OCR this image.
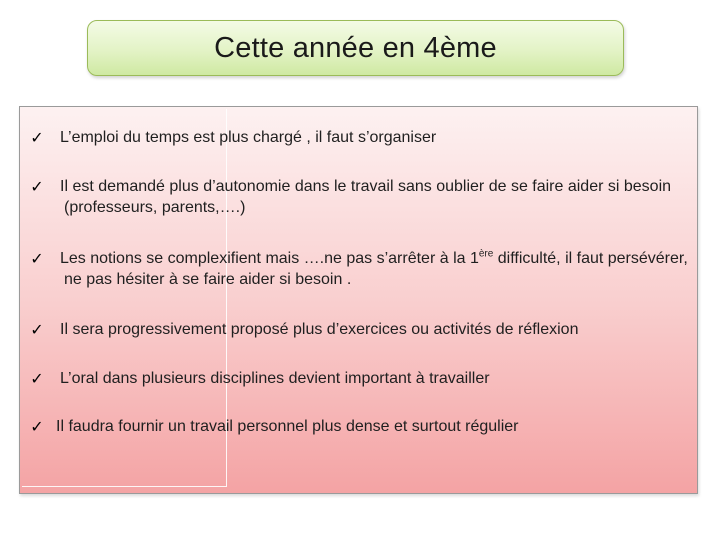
Cette année en 4ème
✓	L’emploi du temps est plus chargé , il faut s’organiser
✓	Il est demandé plus d’autonomie dans le travail sans oublier de se faire aider si besoin (professeurs, parents,….)
✓	Les notions se complexifient mais ….ne pas s’arrêter à la 1ère difficulté, il faut persévérer, ne pas hésiter à se faire aider si besoin .
✓	Il sera progressivement proposé plus d’exercices ou activités de réflexion
✓	L’oral dans plusieurs disciplines devient important à travailler
✓ Il faudra fournir un travail personnel plus dense et surtout régulier
